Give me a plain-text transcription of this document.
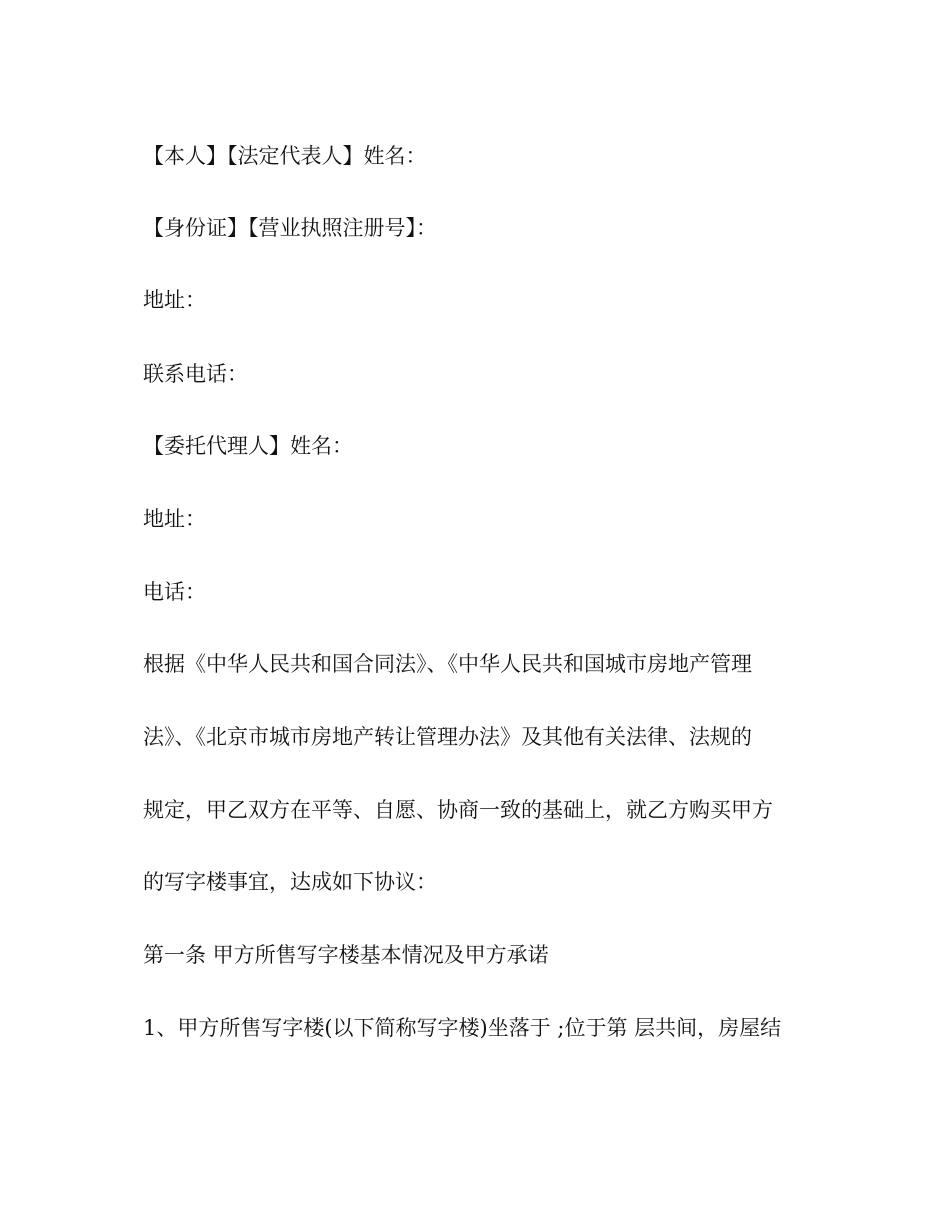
【本人】【法定代表人】姓名：
【身份证】【营业执照注册号】：
地址：
联系电话：
【委托代理人】姓名：
地址：
电话：
根据《中华人民共和国合同法》、《中华人民共和国城市房地产管理
法》、《北京市城市房地产转让管理办法》及其他有关法律、法规的
规定，甲乙双方在平等、自愿、协商一致的基础上，就乙方购买甲方
的写字楼事宜，达成如下协议：
第一条 甲方所售写字楼基本情况及甲方承诺
1、甲方所售写字楼(以下简称写字楼)坐落于 ;位于第 层共间，房屋结
